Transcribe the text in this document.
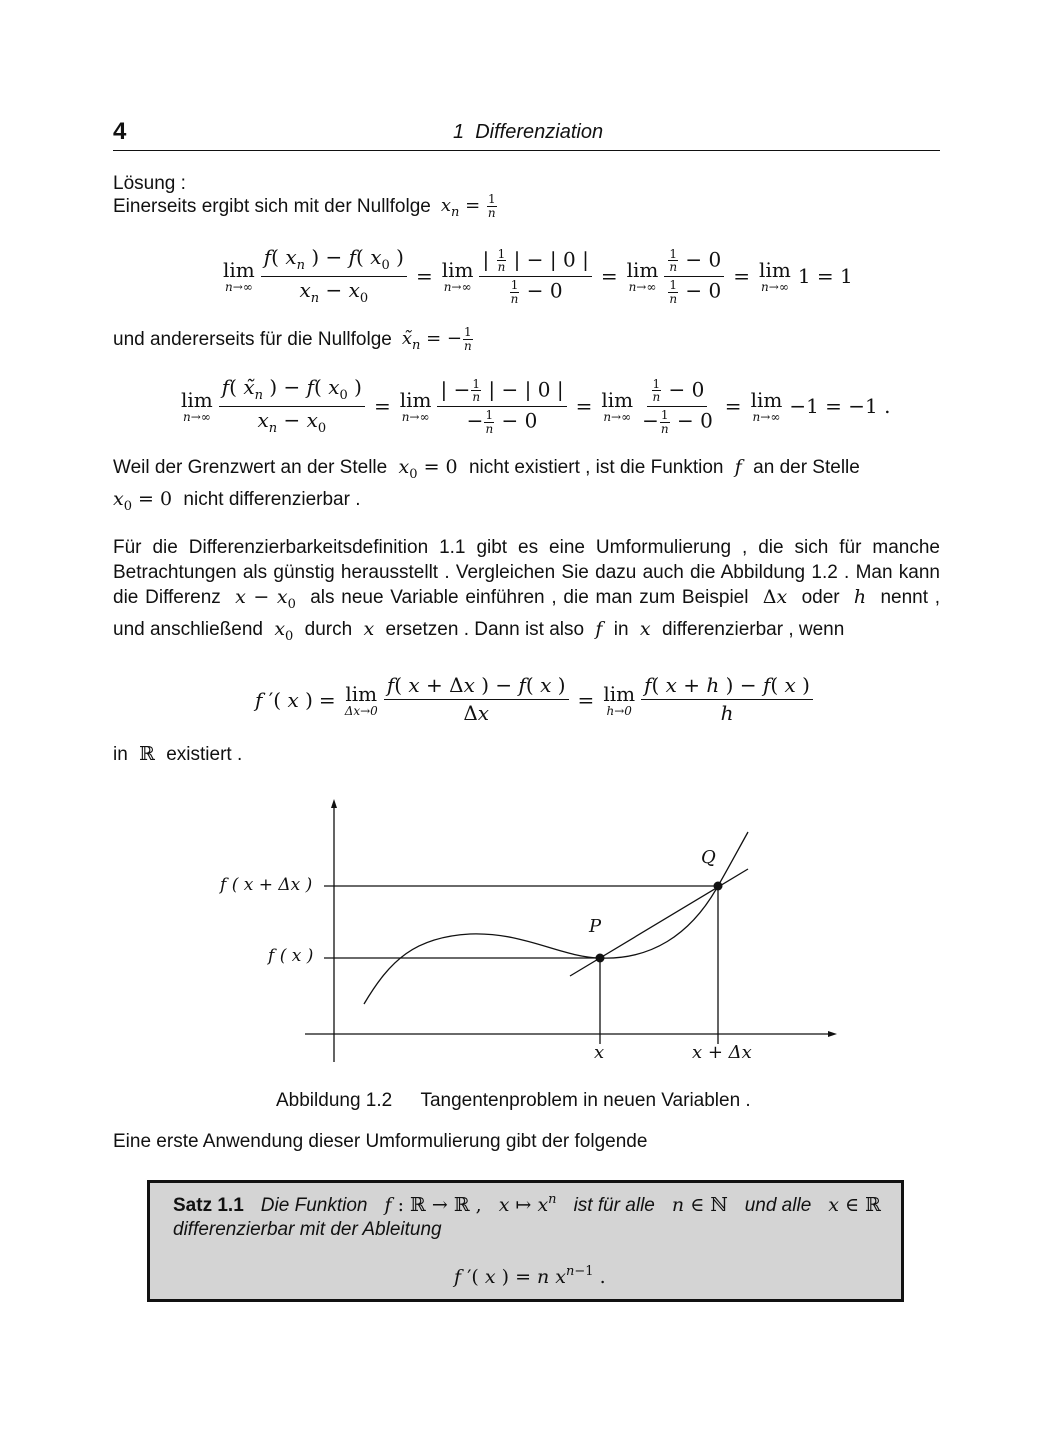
4	1  Differenziation

Lösung :

Einerseits ergibt sich mit der Nullfolge $x_n = \frac{1}{n}$
lim
$n\to\infty \frac{f( x_n ) - f( x_0 )}{x_n - x_0} = \lim$
$n\to\infty \frac{| \frac{1}{n} | - | 0 |}{\frac{1}{n} - 0} = \lim$
$n\to\infty \frac{\frac{1}{n} - 0}{\frac{1}{n} - 0} = \lim$
n→∞ 1 = 1
und andererseits für die Nullfolge $x̃_n$ = − $\frac{1}{n}$
lim
$n\to\infty \frac{f( x̃_n ) - f( x_0 )}{x_n - x_0} = \lim$
$n\to\infty \frac{| - \frac{1}{n} | - | 0 |}{- \frac{1}{n} - 0} = \lim$
$n\to\infty \frac{\frac{1}{n} - 0}{- \frac{1}{n} - 0} = \lim$
n→∞ −1 = −1 .

Weil der Grenzwert an der Stelle $x_0 = 0$  nicht existiert , ist die Funktion  f  an der Stelle

$x_0 = 0$  nicht differenzierbar .

Für die Differenzierbarkeitsdefinition 1.1 gibt es eine Umformulierung , die sich für manche Betrachtungen als günstig herausstellt . Vergleichen Sie dazu auch die Abbildung 1.2 . Man kann die Differenz $x - x_0$ als neue Variable einführen , die man zum Beispiel  Δx oder  h  nennt , und anschließend $x_0$ durch  x  ersetzen . Dann ist also  f  in  x  differenzierbar , wenn

f ′( x ) = lim
$\Delta x\to 0 \frac{f( x + \Delta x ) - f( x )}{\Delta x} = \lim$
$h\to 0 \frac{f( x + h ) - f( x )}{h}$
in  ℝ  existiert .
f ( x + Δx )
f ( x )
x	x + Δx
P
Q
Abbildung 1.2 Tangentenproblem in neuen Variablen .

Eine erste Anwendung dieser Umformulierung gibt der folgende

Satz 1.1 Die Funktion f : ℝ → ℝ , x ↦ $x^n$ ist für alle n ∈ ℕ und alle x ∈ ℝ
differenzierbar mit der Ableitung
f ′( x ) = n $x^{n-1}$ .
